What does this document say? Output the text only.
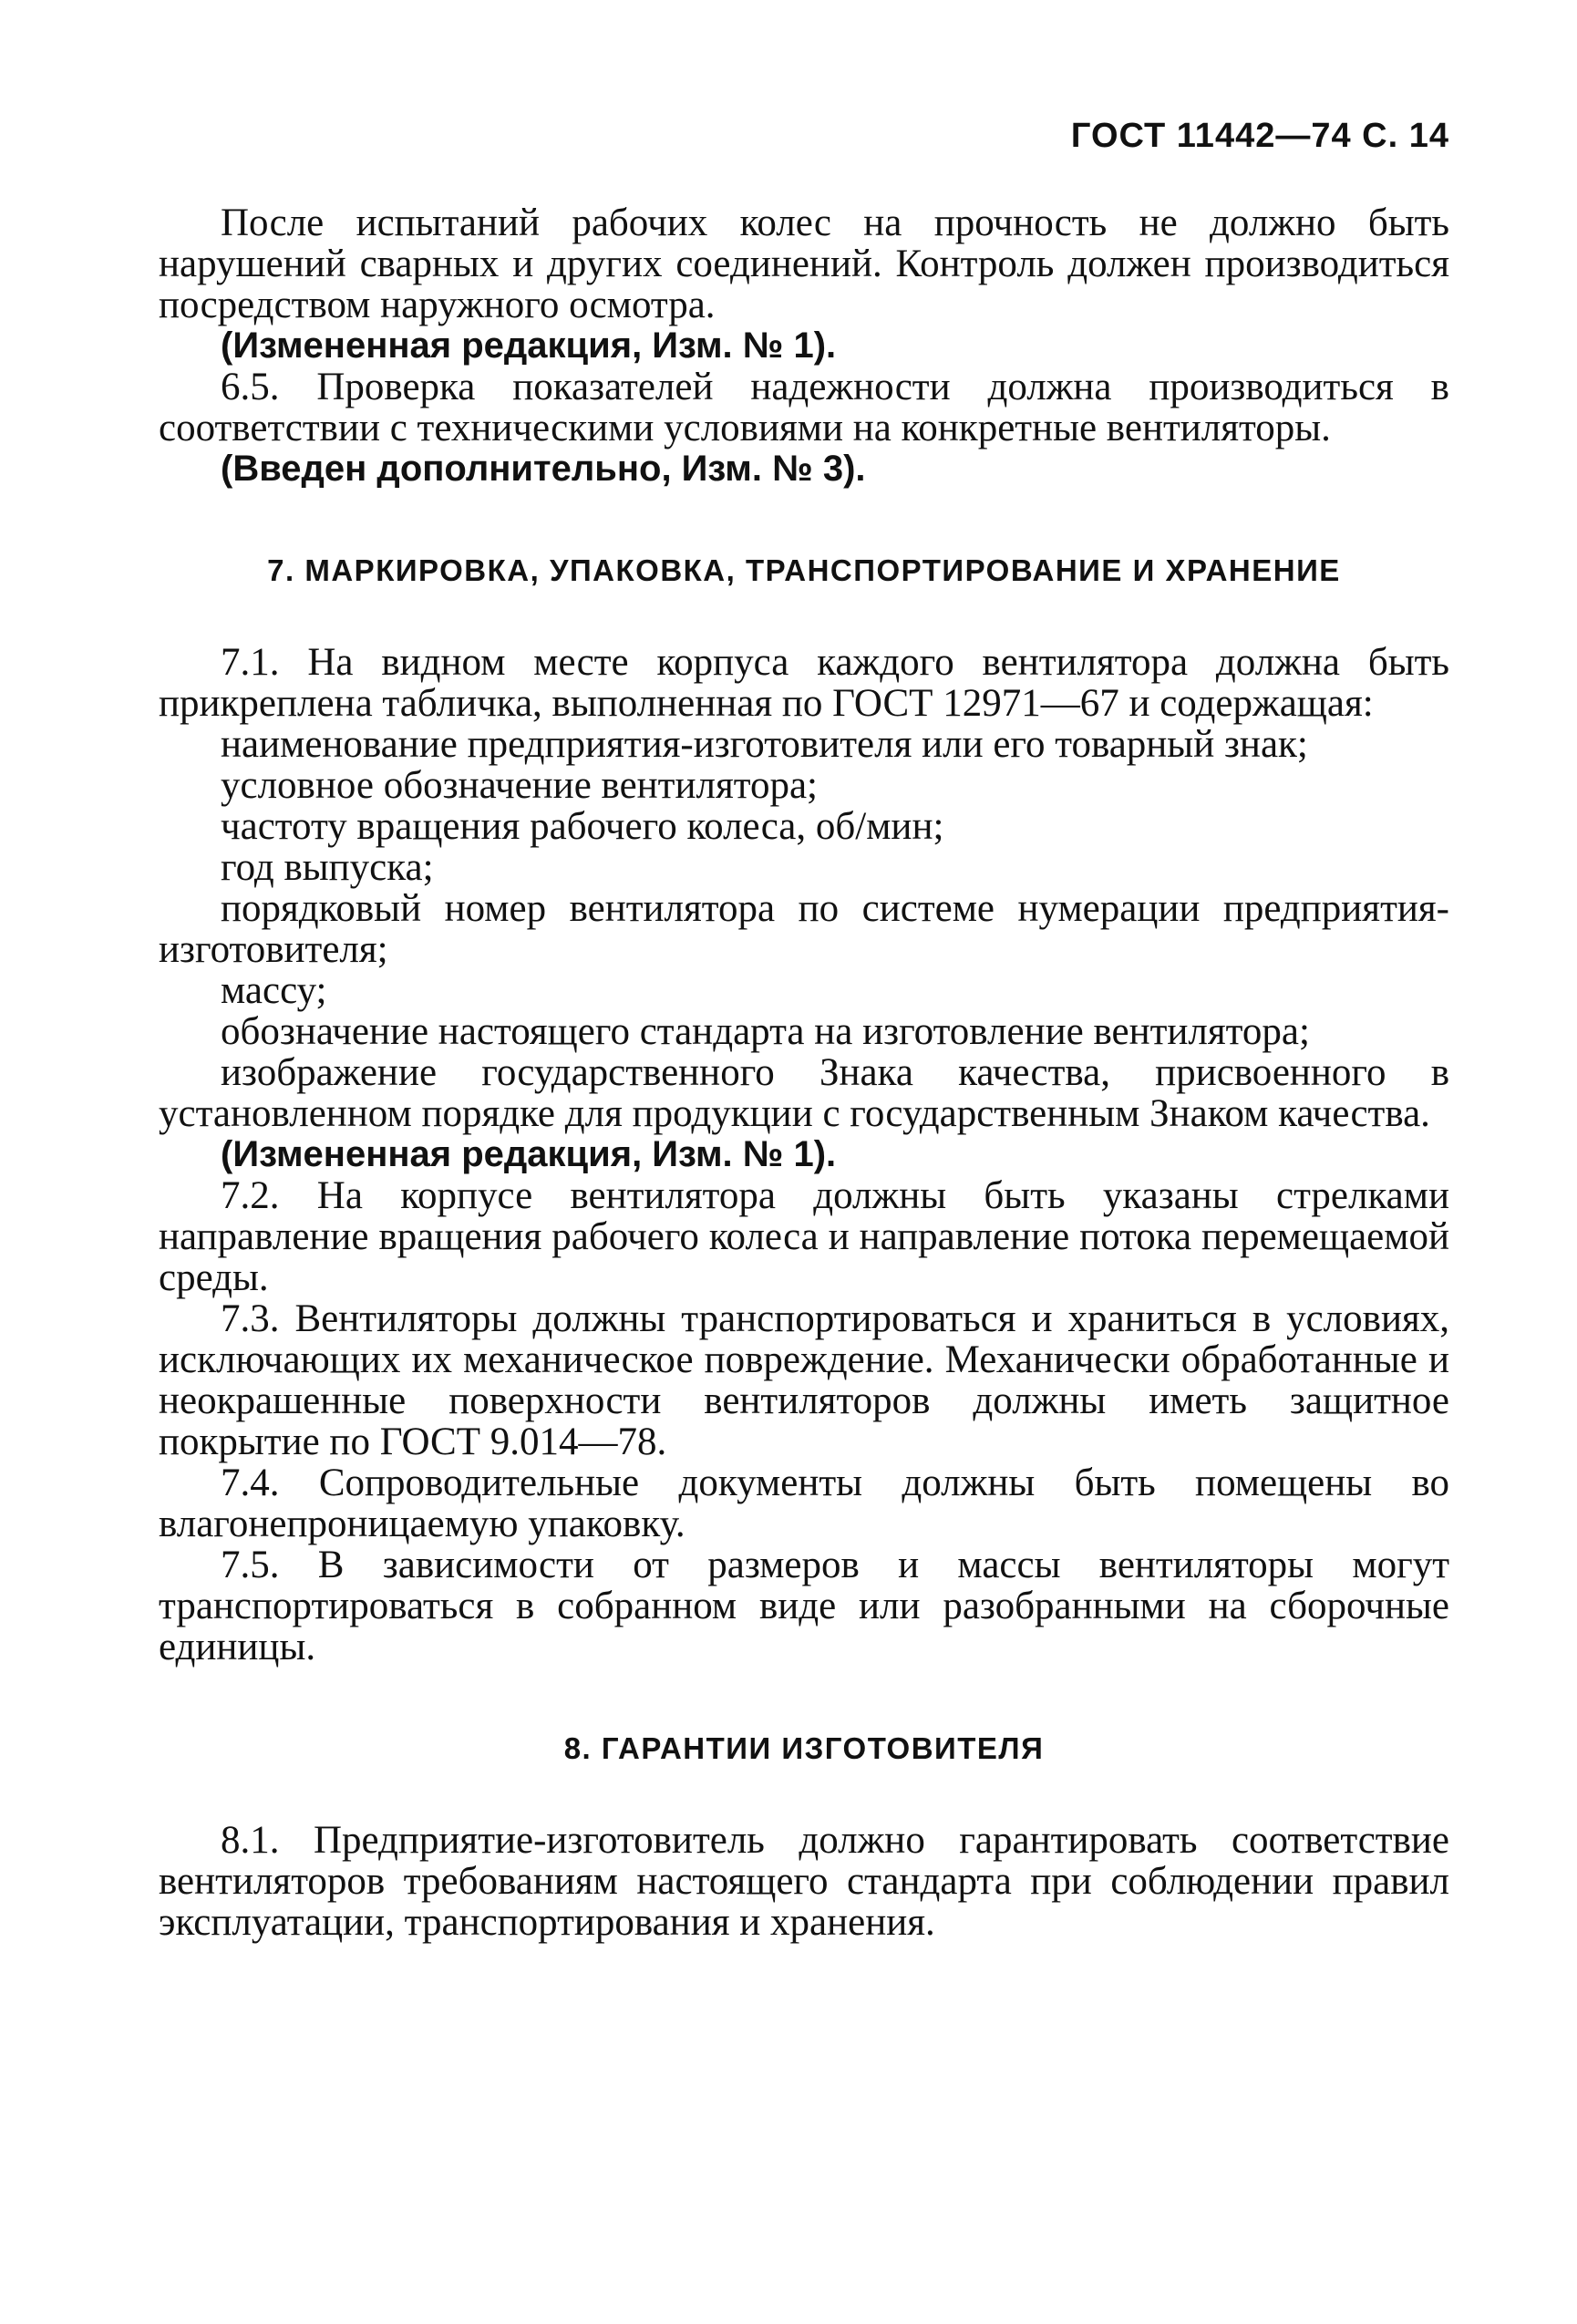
ГОСТ 11442—74 С. 14

После испытаний рабочих колес на прочность не должно быть нарушений сварных и других соединений. Контроль должен производиться посредством наружного осмотра.

(Измененная редакция, Изм. № 1).

6.5. Проверка показателей надежности должна производиться в соответствии с техническими условиями на конкретные вентиляторы.

(Введен дополнительно, Изм. № 3).

7. МАРКИРОВКА, УПАКОВКА, ТРАНСПОРТИРОВАНИЕ И ХРАНЕНИЕ

7.1. На видном месте корпуса каждого вентилятора должна быть прикреплена табличка, выполненная по ГОСТ 12971—67 и содержащая:

наименование предприятия-изготовителя или его товарный знак;

условное обозначение вентилятора;

частоту вращения рабочего колеса, об/мин;

год выпуска;

порядковый номер вентилятора по системе нумерации предприятия-изготовителя;

массу;

обозначение настоящего стандарта на изготовление вентилятора;

изображение государственного Знака качества, присвоенного в установленном порядке для продукции с государственным Знаком качества.

(Измененная редакция, Изм. № 1).

7.2. На корпусе вентилятора должны быть указаны стрелками направление вращения рабочего колеса и направление потока перемещаемой среды.

7.3. Вентиляторы должны транспортироваться и храниться в условиях, исключающих их механическое повреждение. Механически обработанные и неокрашенные поверхности вентиляторов должны иметь защитное покрытие по ГОСТ 9.014—78.

7.4. Сопроводительные документы должны быть помещены во влагонепроницаемую упаковку.

7.5. В зависимости от размеров и массы вентиляторы могут транспортироваться в собранном виде или разобранными на сборочные единицы.

8. ГАРАНТИИ ИЗГОТОВИТЕЛЯ

8.1. Предприятие-изготовитель должно гарантировать соответствие вентиляторов требованиям настоящего стандарта при соблюдении правил эксплуатации, транспортирования и хранения.
